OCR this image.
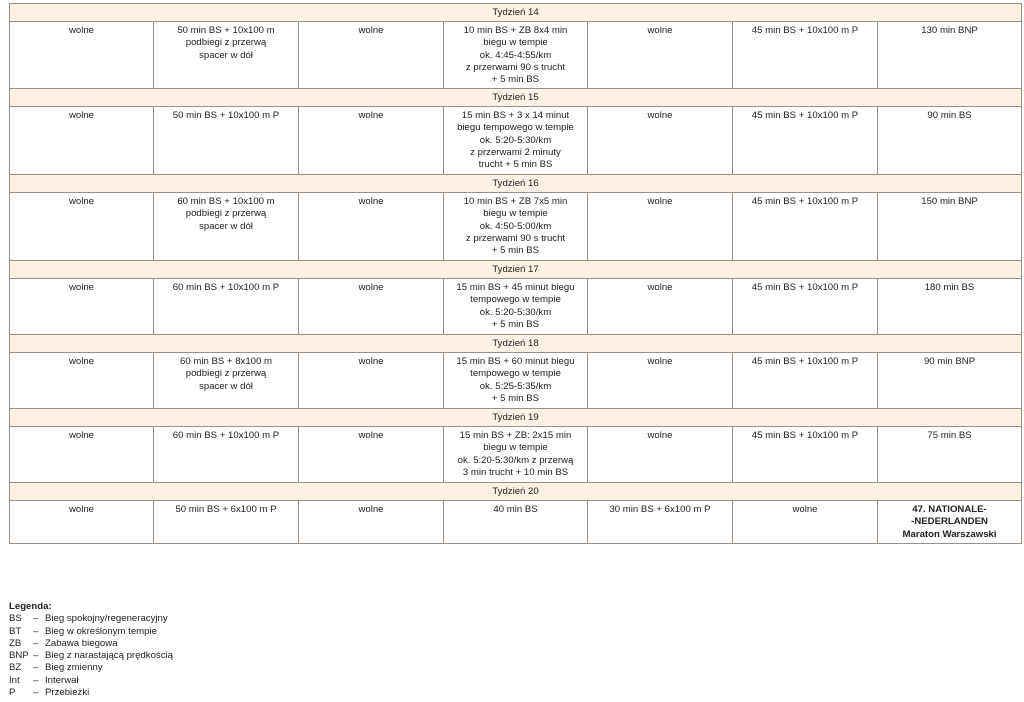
Tydzień 14						
wolne	50 min BS + 10x100 m
podbiegi z przerwą
spacer w dół	wolne	10 min BS + ZB 8x4 min
biegu w tempie
ok. 4:45-4:55/km
z przerwami 90 s trucht
+ 5 min BS	wolne	45 min BS + 10x100 m P	130 min BNP
Tydzień 15						
wolne	50 min BS + 10x100 m P	wolne	15 min BS + 3 x 14 minut
biegu tempowego w tempie
ok. 5:20-5:30/km
z przerwami 2 minuty
trucht + 5 min BS	wolne	45 min BS + 10x100 m P	90 min BS
Tydzień 16						
wolne	60 min BS + 10x100 m
podbiegi z przerwą
spacer w dół	wolne	10 min BS + ZB 7x5 min
biegu w tempie
ok. 4:50-5:00/km
z przerwami 90 s trucht
+ 5 min BS	wolne	45 min BS + 10x100 m P	150 min BNP
Tydzień 17						
wolne	60 min BS + 10x100 m P	wolne	15 min BS + 45 minut biegu
tempowego w tempie
ok. 5:20-5:30/km
+ 5 min BS	wolne	45 min BS + 10x100 m P	180 min BS
Tydzień 18						
wolne	60 min BS + 8x100 m
podbiegi z przerwą
spacer w dół	wolne	15 min BS + 60 minut biegu
tempowego w tempie
ok. 5:25-5:35/km
+ 5 min BS	wolne	45 min BS + 10x100 m P	90 min BNP
Tydzień 19						
wolne	60 min BS + 10x100 m P	wolne	15 min BS + ZB: 2x15 min
biegu w tempie
ok. 5:20-5:30/km z przerwą
3 min trucht + 10 min BS	wolne	45 min BS + 10x100 m P	75 min BS
Tydzień 20						
wolne	50 min BS + 6x100 m P	wolne	40 min BS	30 min BS + 6x100 m P	wolne	47. NATIONALE-
-NEDERLANDEN
Maraton Warszawski
Legenda:
BS	– Bieg spokojny/regeneracyjny
BT	– Bieg w określonym tempie
ZB	– Zabawa biegowa
BNP – Bieg z narastającą prędkością
BZ	– Bieg zmienny
Int	– Interwał
P	– Przebieżki
